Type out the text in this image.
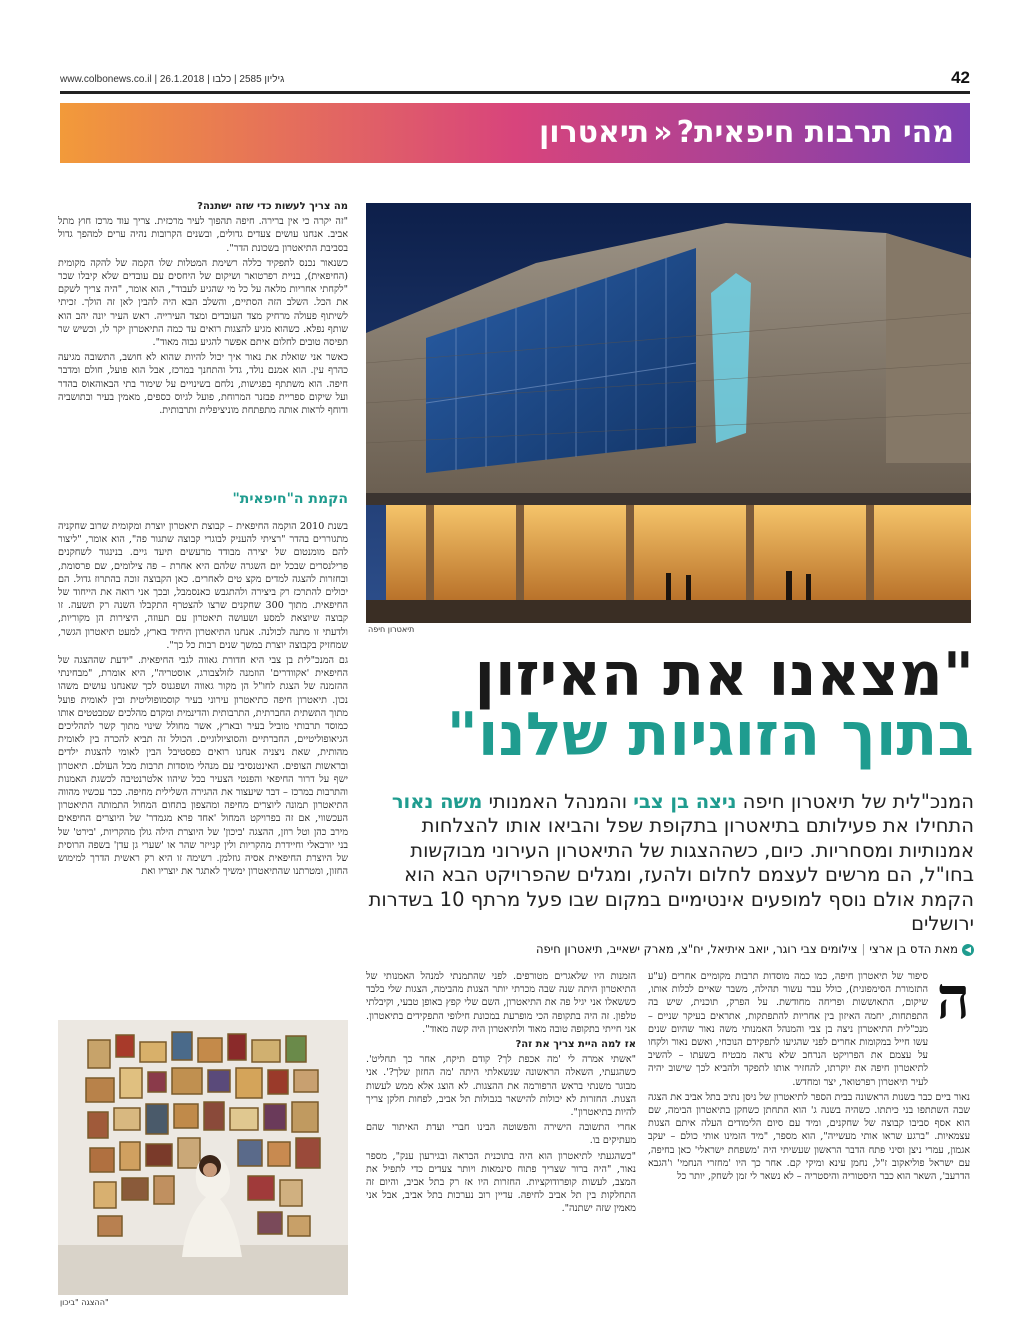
www.colbonews.co.il | גיליון 2585 | כלבו | 26.1.2018	42
מהי תרבות חיפאית?«תיאטרון

מה צריך לעשות כדי שזה ישתנה?

"זה יקרה כי אין ברירה. חיפה תהפוך לעיר מרכזית. צריך עוד מרכז חוץ מתל אביב. אנחנו עושים צעדים גדולים, ובשנים הקרובות נהיה ערים למהפך גדול בסביבת התיאטרון בשכונת הדר".

כשנאור נכנס לתפקיד כללה רשימת המטלות שלו הקמה של להקה מקומית (החיפאית), בניית רפרטואר ושיקום של היחסים עם עובדים שלא קיבלו שכר "לקחתי אחריות מלאה על כל מי שהגיע לעבוד", הוא אומר, "היה צריך לשקם את הכל. השלב הזה הסתיים, והשלב הבא היה להבין לאן זה הולך. זכיתי לשיתוף פעולה מרחיק מצד העובדים ומצד העירייה. ראש העיר יונה יהב הוא שותף נפלא. כשהוא מגיע להצגות רואים עד כמה התיאטרון יקר לו, וכשיש שר תפיסה טובים לחלום איתם אפשר להגיע גבוה מאוד".

כאשר אני שואלת את נאור איך יכול להיות שהוא לא חושב, התשובה מגיעה כהרף עין. הוא אמנם נולד, גדל והתחנך במרכז, אבל הוא פועל, חולם ומדבר חיפה. הוא משתתף בפגישות, נלחם בשינויים על שימור בתי הבאוהאוס בהדר ועל שיקום ספריית פבזנר המרוחת, פועל לגיוס כספים, מאמין בעיר ובתושביה ודוחף לראות אותה מתפתחת מוניציפלית ותרבותית.

הקמת ה"חיפאית"

בשנת 2010 הוקמה החיפאית – קבוצת תיאטרון יוצרת ומקומית שרוב שחקניה מתגוררים בהדר "רציתי להעניק לבוגרי קבוצה שתגור פה", הוא אומר, "ליצור להם מומנטום של יצירה מבודד מרעשים תיעד גיים. בנינגוד לשחקנים פרילנסרים שבכל יום השגרה שלהם היא אחרת – פה צילומים, שם פרסומת, ובחזרות להצגה למדים מקצ טים לאחרים. כאן הקבוצה זוכה בהתרוז גדול. הם יכולים להתרכז רק ביצירה ולהתגבש כאנסמבל, ובכך אני רואה את הייחוד של החיפאית. מתוך 300 שחקנים שרצו להצטרף התקבלו השנה רק תשעה. זו קבוצה שיוצאת למסע ושעושה תיאטרון עם תעוזה, היצירות הן מקוריות, ולדעתי זו מתנה לכולנה. אנחנו התיאטרון היחיד בארץ, למעט תיאטרון הגשר, שמחזיק בקבוצה יוצרת במשך שנים רבות כל כך".

גם המנכ"לית בן צבי היא חדורת גאווה לגבי החיפאית. "ידעת שההצגה של החיפאית 'אקוודרים' הוזמנה לזולצבורג, אוסטריה", היא אומרת, "מבחינתי ההזמנה של הצגת לחו"ל הן מקור גאווה ושפגנוס לכך שאנחנו עושים משהו נכון. תיאטרון חיפה כתיאטרון עירוני בעיר קוסמופוליטית ובין לאומית פועל מתוך התשתית החברתית, התרבותית והדינמית ומקדם מהלכים שמבטטים אותו כמוסד תרבותי מוביל בעיר ובארץ, אשר מחולל שינוי מתוך קשר לתהליכים הגיאופוליטיים, החברתיים והסוציולוגיים. הכולל זה תביא להכרה בין לאומית מהותית, שאת ניצניה אנחנו רואים כפסטיבל הבין לאומי להצגות ילדים ובראשות הצופים. האינטנסיבי עם מנהלי מוסדות תרבות מכל העולם. תיאטרון ישף על דרור החיפאי והפנטי הצעיר בכל שיהוו אלטרנטיבה לכשגת האמנות והתרבות במרכז – דבר שיעצור את ההגירה השלילית מחיפה. ככר עכשיו מהווה התיאטרון תמונה ליוצרים מחיפה ומהצפון בתחום המחול התמותה התיאטרון העכשווי, אם זה בפרויקט המחול 'אחד פרא מגמדר' של היוצרים החיפאים מירב כהן וטל רוזן, ההצגה 'ביכון' של היוצרת הילה גולן מהקריות, 'בירט' של בני יורבאלי וחיידרת מהקריות ולין קנייזר שהר או 'שערי גן עדן' בשפה הרוסית של היוצרת החיפאית אסיה גוזלמן. רשימה זו היא רק ראשית הדרך למימוש החזון, ומטרתנו שהתיאטרון ימשיך לאתגר את יוצריו ואת

תיאטרון חיפה
"מצאנו את האיזון
בתוך הזוגיות שלנו"
המנכ"לית של תיאטרון חיפה ניצה בן צבי והמנהל האמנותי משה נאור התחילו את פעילותם בתיאטרון בתקופת שפל והביאו אותו להצלחות אמנותיות ומסחריות. כיום, כשההצגות של התיאטרון העירוני מבוקשות בחו"ל, הם מרשים לעצמם לחלום ולהעז, ומגלים שהפרויקט הבא הוא הקמת אולם נוסף למופעים אינטימיים במקום שבו פעל מרתף 10 בשדרות ירושלים
◀מאת הדס בן ארצי|צילומים צבי רוגר, יואב איתיאל, יח"צ, מארק ישאייב, תיאטרון חיפה
ה

סיפור של תיאטרון חיפה, כמו כמה מוסדות תרבות מקומיים אחרים (ע"ע התזמורת הסימפונית), כולל עבר עשור תהילה, משבר שאיים לכלות אותו, שיקום, התאוששות ופריחה מחודשת. על הפרק, תוכנית, שיש בה התפתחות, יחמה האיזון בין אחריות להתפתקות, אתראים בעיקר שניים – מנכ"לית התיאטרון ניצה בן צבי והמנהל האמנותי משה נאור שהיום שנים עשו חייל במקומות אחרים לפני שהגיעו לתפקידם הנוכחי, ואשם נאור ולקחו על עצמם את הפרויקט הנרחב שלא נראה מבטיח בשעתו – להשיב לתיאטרון חיפה את יוקרתו, להחזיר אותו לתפקד ולהביא לכך שישוב יהיה לעיר תיאטרון רפרטואר, יצר ומחדש.

נאור ביים כבר בשנות הראשונה בבית הספר לתיאטרון של ניסן נתיב בתל אביב את הצגה שבה השתתפו בני כיתתו. כשהיה בשנה ג' הוא התחתן כשחקן בתיאטרון הבימה, שם הוא אסף סביבו קבוצה של שחקנים, ומיד עם סיום הלימודים העלה איתם הצגות עצמאיות. "ברגע שראו אותי מעשייה", הוא מספר, "מיד הזמינו אותי כולם – יעקב אגמון, עמרי ניצן וסיני פתח הדבר הראשון שעשיתי היה 'משפחת ישראלי' כאן בחיפה, עם ישראל פוליאקוב ז"ל, נחמן עינא ומיקי קם. אחר כך היו 'מחזרי הנחמי' ו'הגבא הדרעב', השאר הוא כבר היסטוריה והיסטריה – לא נשאר לי זמן לשחק, יותר כל

הזמנות היו שלאגרים מטורפים. לפני שהתמנתי למנהל האמנותי של התיאטרון היתה שנה שבה מכרתי יותר הצגות מהבימה, הצגות שלי בלבד כששאלו אני יגיל פה את התיאטרון, השם שלי קפץ באופן טבעי, וקיבלתי טלפון. זה היה בתקופה הכי מופרעת במכונת חילופי התפקידים בתיאטרון. אני חייתי בתקופה טובה מאוד ולתיאטרון היה קשה מאוד".

אז למה היית צריך את זה?

"אשתי אמרה לי 'מה אכפת לך? קודם תיקח, אחר כך תחליט'. כשהגעתי, השאלה הראשונה שנשאלתי היתה 'מה החזון שלך?'. אני מבוגר משנתי בראש הרפורמה את ההצגות. לא הוצג אלא ממש לעשות הצגות. החזרות לא יכולות להישאר בגבולות תל אביב, לפחות חלקן צריך להיות בתיאטרון".

אחרי התשובה הישירה והפשוטה הבינו חברי ועדת האיתור שהם מעתיקים בו.

"כשהגעתי לתיאטרון הוא היה בתוכנית הבראה ובגירעון ענק", מספר נאור, "היה ברור שצריך פתוח סינמאות ויותר צעדים כדי לתפיל את המצב, לעשות קופרודוקציות. החזרות היו אז רק בתל אביב, והיום זה התחלקות בין תל אביב לחיפה. עדיין רוב נערכות בתל אביב, אבל אני מאמין שזה ישתנה".

ההצגה "ביכון"
